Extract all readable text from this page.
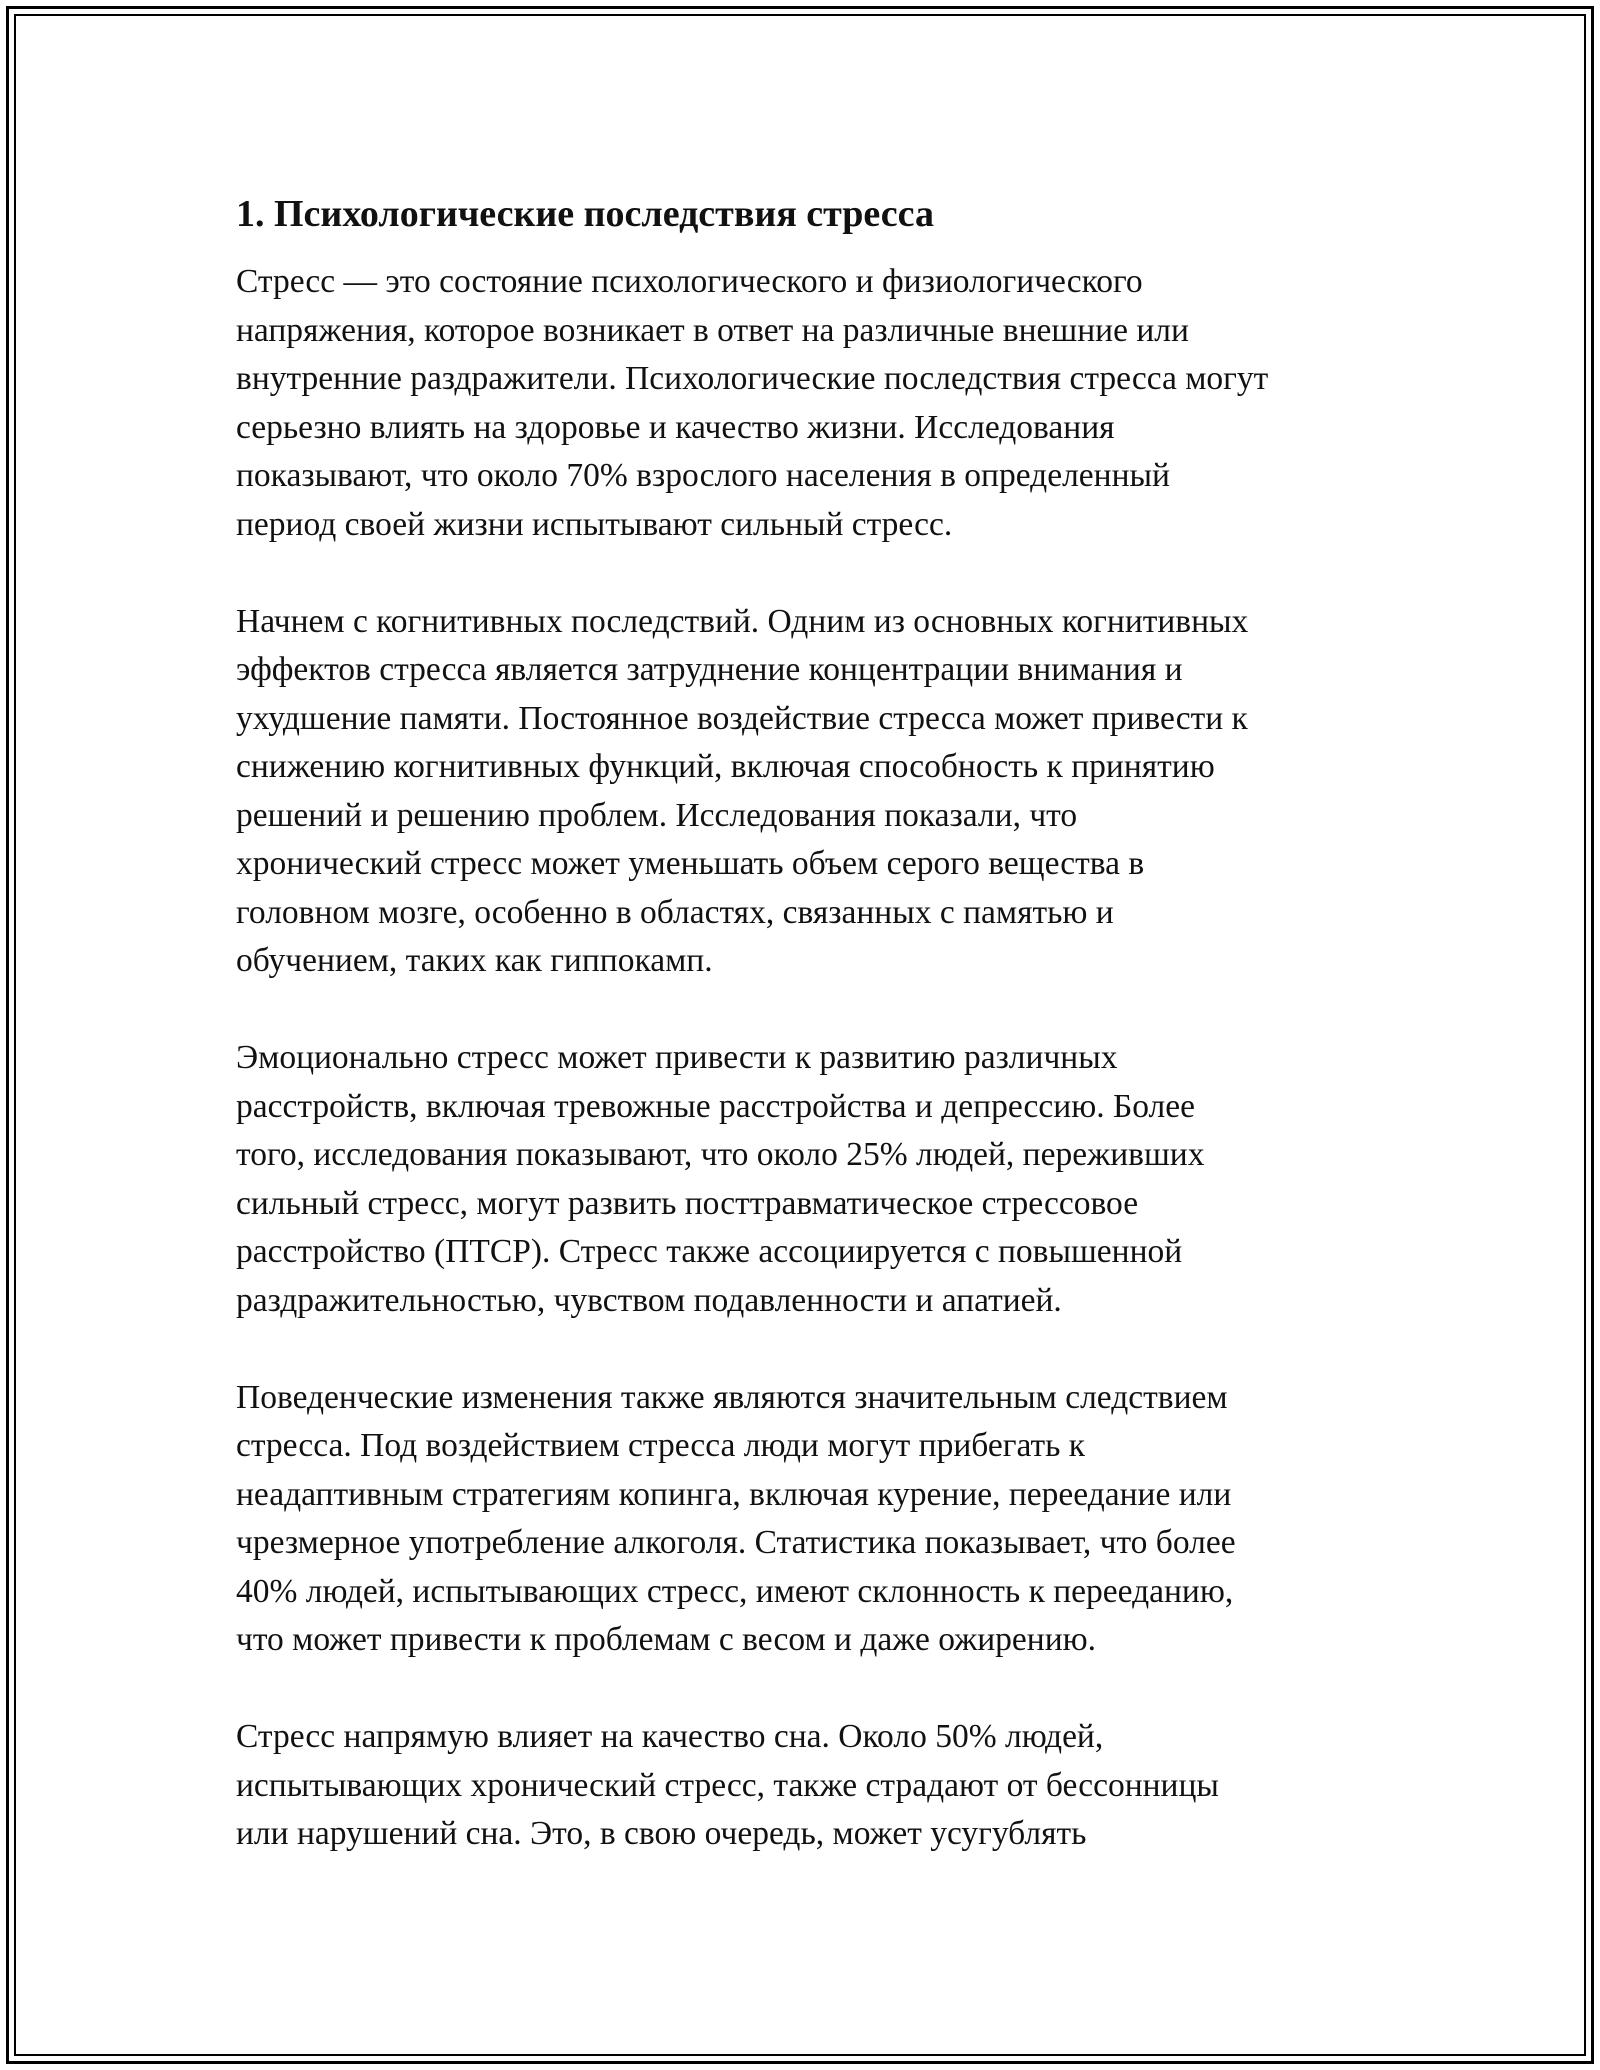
1. Психологические последствия стресса

Стресс — это состояние психологического и физиологического
напряжения, которое возникает в ответ на различные внешние или
внутренние раздражители. Психологические последствия стресса могут
серьезно влиять на здоровье и качество жизни. Исследования
показывают, что около 70% взрослого населения в определенный
период своей жизни испытывают сильный стресс.

Начнем с когнитивных последствий. Одним из основных когнитивных
эффектов стресса является затруднение концентрации внимания и
ухудшение памяти. Постоянное воздействие стресса может привести к
снижению когнитивных функций, включая способность к принятию
решений и решению проблем. Исследования показали, что
хронический стресс может уменьшать объем серого вещества в
головном мозге, особенно в областях, связанных с памятью и
обучением, таких как гиппокамп.

Эмоционально стресс может привести к развитию различных
расстройств, включая тревожные расстройства и депрессию. Более
того, исследования показывают, что около 25% людей, переживших
сильный стресс, могут развить посттравматическое стрессовое
расстройство (ПТСР). Стресс также ассоциируется с повышенной
раздражительностью, чувством подавленности и апатией.

Поведенческие изменения также являются значительным следствием
стресса. Под воздействием стресса люди могут прибегать к
неадаптивным стратегиям копинга, включая курение, переедание или
чрезмерное употребление алкоголя. Статистика показывает, что более
40% людей, испытывающих стресс, имеют склонность к перееданию,
что может привести к проблемам с весом и даже ожирению.

Стресс напрямую влияет на качество сна. Около 50% людей,
испытывающих хронический стресс, также страдают от бессонницы
или нарушений сна. Это, в свою очередь, может усугублять
